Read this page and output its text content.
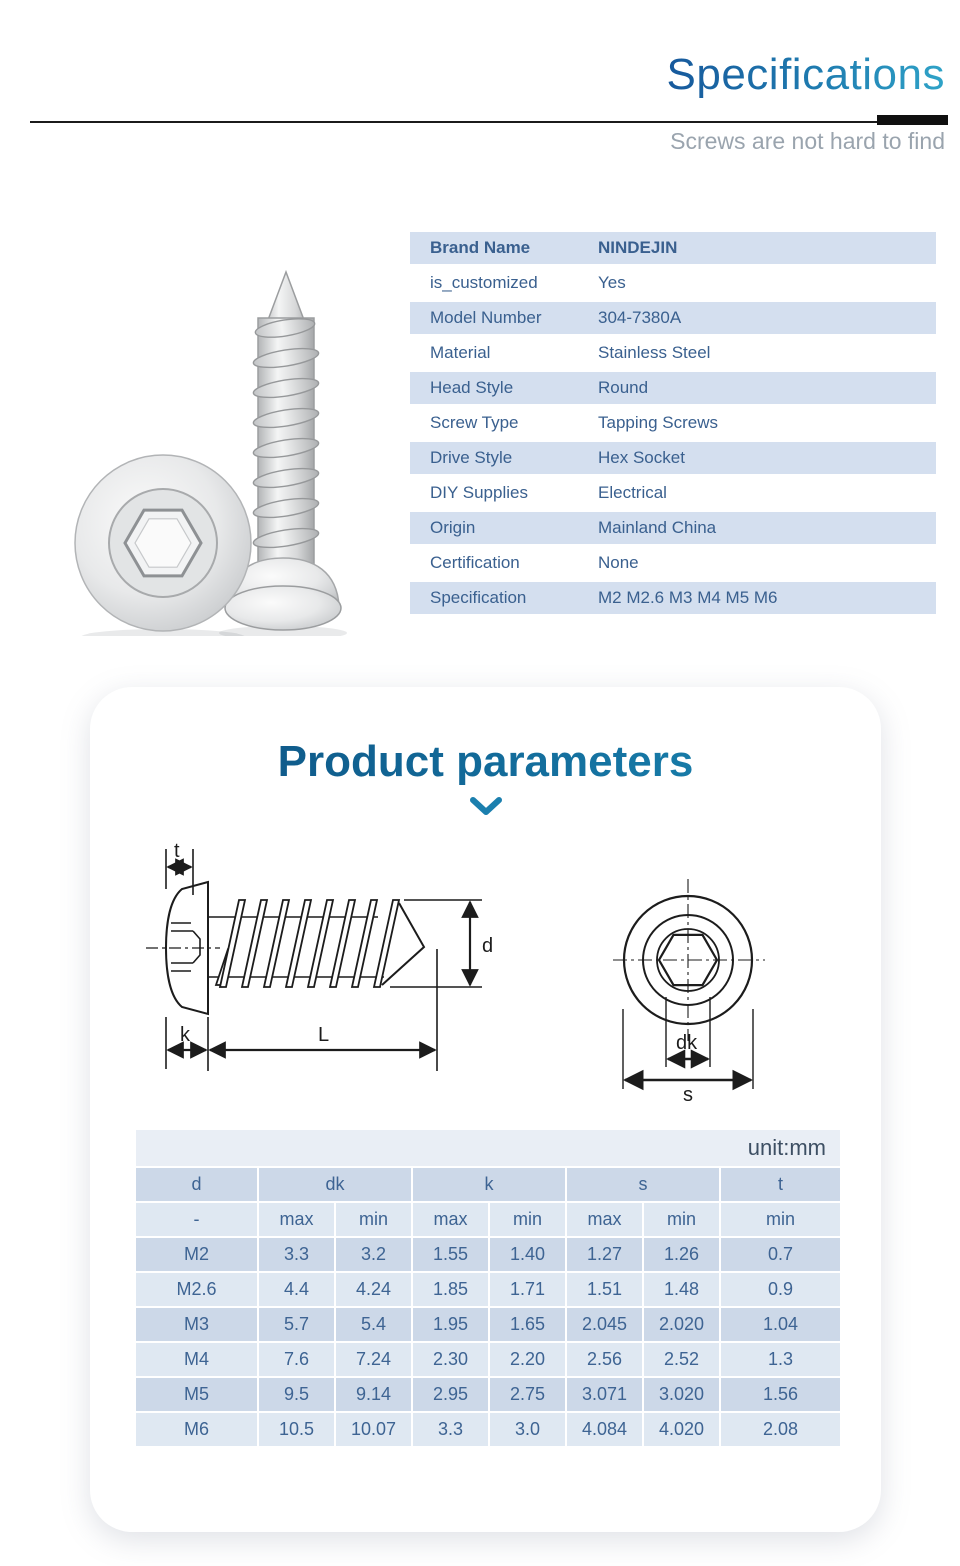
Specifications
Screws are not hard to find
Brand Name	NINDEJIN
is_customized	Yes
Model Number	304-7380A
Material	Stainless Steel
Head Style	Round
Screw Type	Tapping Screws
Drive Style	Hex Socket
DIY Supplies	Electrical
Origin	Mainland China
Certification	None
Specification	M2 M2.6 M3 M4 M5 M6
Product parameters
t
k	L
d
dk
s
unit:mm							
d	dk		k		s		t
-	max	min	max	min	max	min	min
M2	3.3	3.2	1.55	1.40	1.27	1.26	0.7
M2.6	4.4	4.24	1.85	1.71	1.51	1.48	0.9
M3	5.7	5.4	1.95	1.65	2.045	2.020	1.04
M4	7.6	7.24	2.30	2.20	2.56	2.52	1.3
M5	9.5	9.14	2.95	2.75	3.071	3.020	1.56
M6	10.5	10.07	3.3	3.0	4.084	4.020	2.08
